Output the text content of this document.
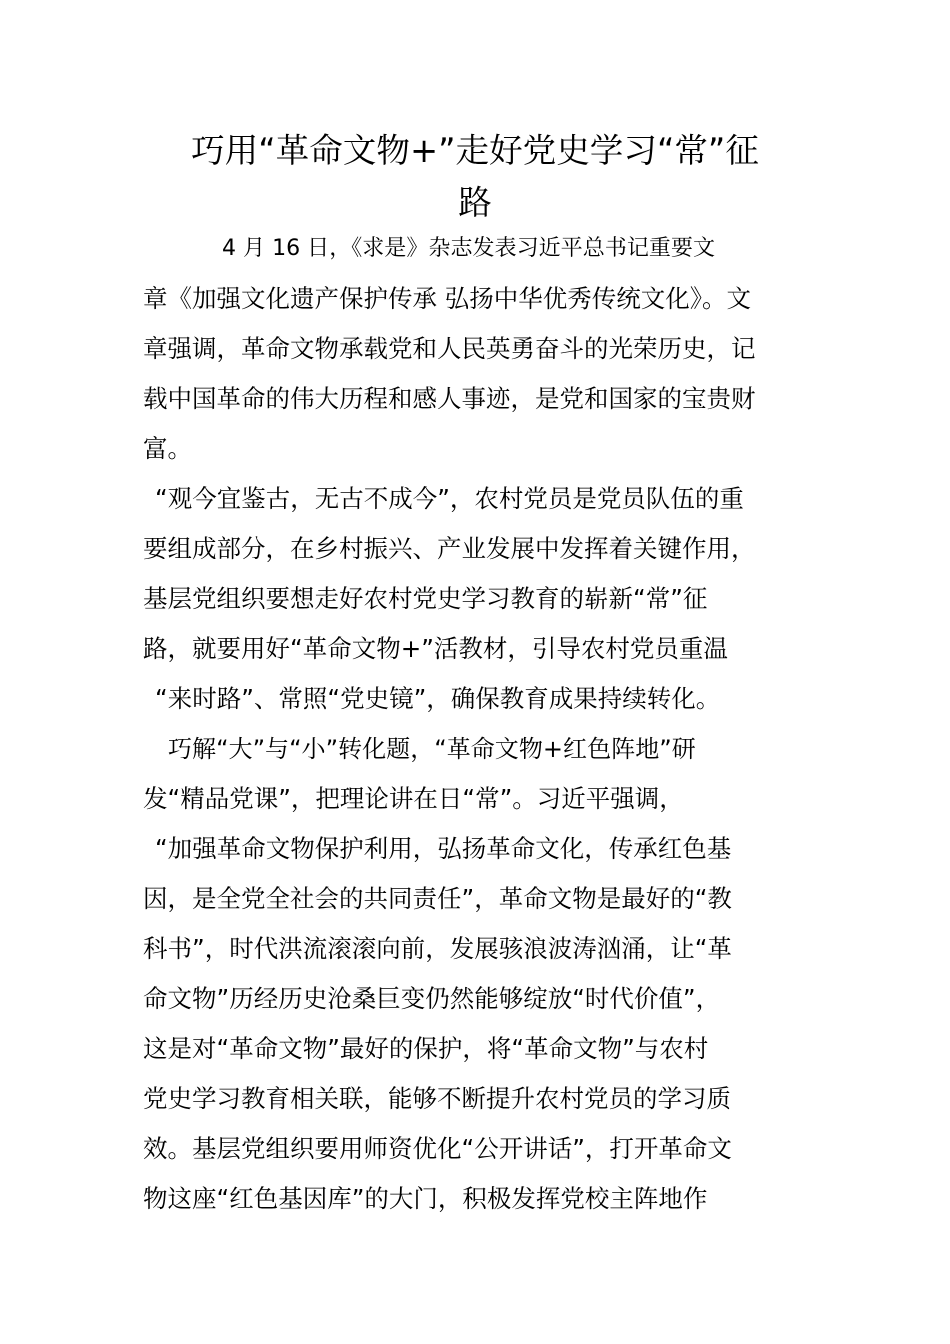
巧用“革命文物+”走好党史学习“常”征
路
4 月 16 日，《求是》杂志发表习近平总书记重要文
章《加强文化遗产保护传承 弘扬中华优秀传统文化》。文
章强调，革命文物承载党和人民英勇奋斗的光荣历史，记
载中国革命的伟大历程和感人事迹，是党和国家的宝贵财
富。
“观今宜鉴古，无古不成今”，农村党员是党员队伍的重
要组成部分，在乡村振兴、产业发展中发挥着关键作用，
基层党组织要想走好农村党史学习教育的崭新“常”征
路，就要用好“革命文物+”活教材，引导农村党员重温
“来时路”、常照“党史镜”，确保教育成果持续转化。
巧解“大”与“小”转化题，“革命文物+红色阵地”研
发“精品党课”，把理论讲在日“常”。习近平强调，
“加强革命文物保护利用，弘扬革命文化，传承红色基
因，是全党全社会的共同责任”，革命文物是最好的“教
科书”，时代洪流滚滚向前，发展骇浪波涛汹涌，让“革
命文物”历经历史沧桑巨变仍然能够绽放“时代价值”，
这是对“革命文物”最好的保护，将“革命文物”与农村
党史学习教育相关联，能够不断提升农村党员的学习质
效。基层党组织要用师资优化“公开讲话”，打开革命文
物这座“红色基因库”的大门，积极发挥党校主阵地作
